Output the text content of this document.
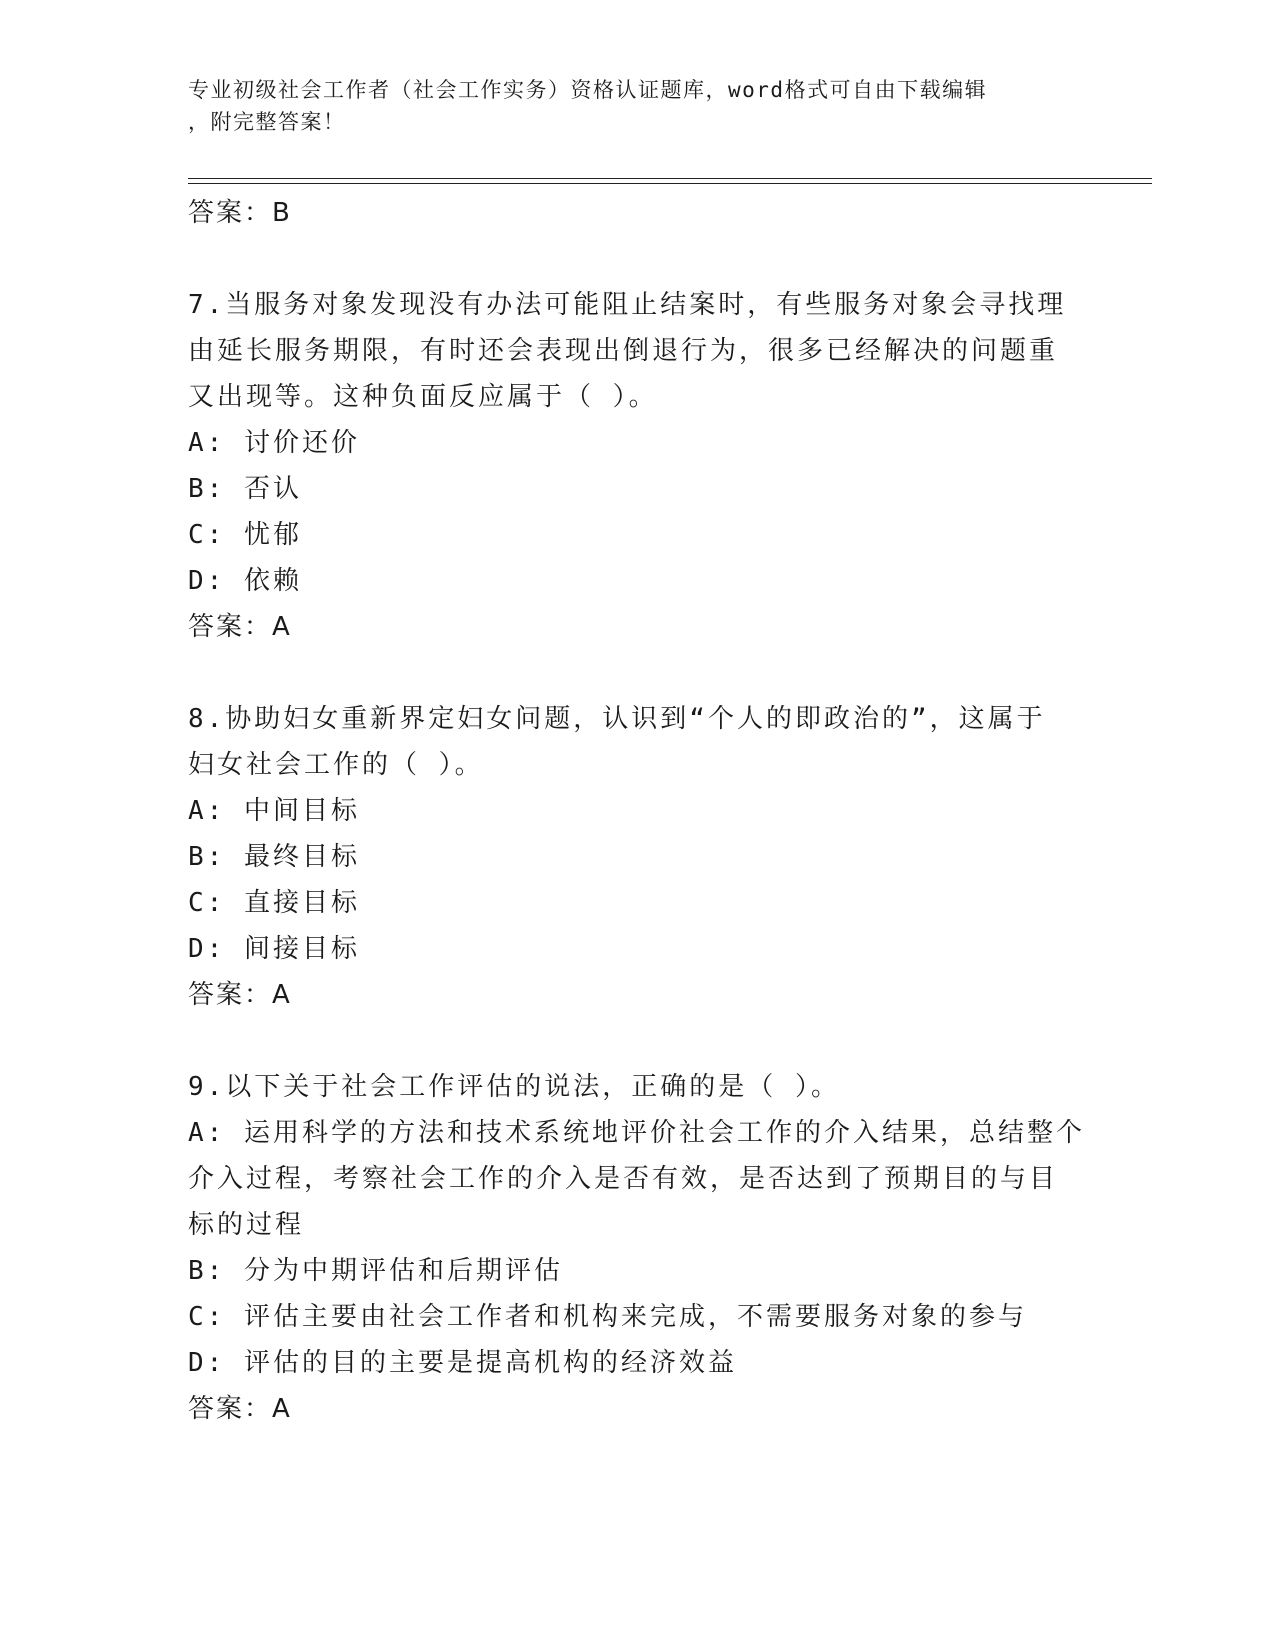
专业初级社会工作者（社会工作实务）资格认证题库，word格式可自由下载编辑
，附完整答案！
答案：B
7.当服务对象发现没有办法可能阻止结案时，有些服务对象会寻找理
由延长服务期限，有时还会表现出倒退行为，很多已经解决的问题重
又出现等。这种负面反应属于（ ）。
A: 讨价还价
B: 否认
C: 忧郁
D: 依赖
答案：A
8.协助妇女重新界定妇女问题，认识到“个人的即政治的”，这属于
妇女社会工作的（ ）。
A: 中间目标
B: 最终目标
C: 直接目标
D: 间接目标
答案：A
9.以下关于社会工作评估的说法，正确的是（ ）。
A: 运用科学的方法和技术系统地评价社会工作的介入结果，总结整个
介入过程，考察社会工作的介入是否有效，是否达到了预期目的与目
标的过程
B: 分为中期评估和后期评估
C: 评估主要由社会工作者和机构来完成，不需要服务对象的参与
D: 评估的目的主要是提高机构的经济效益
答案：A
